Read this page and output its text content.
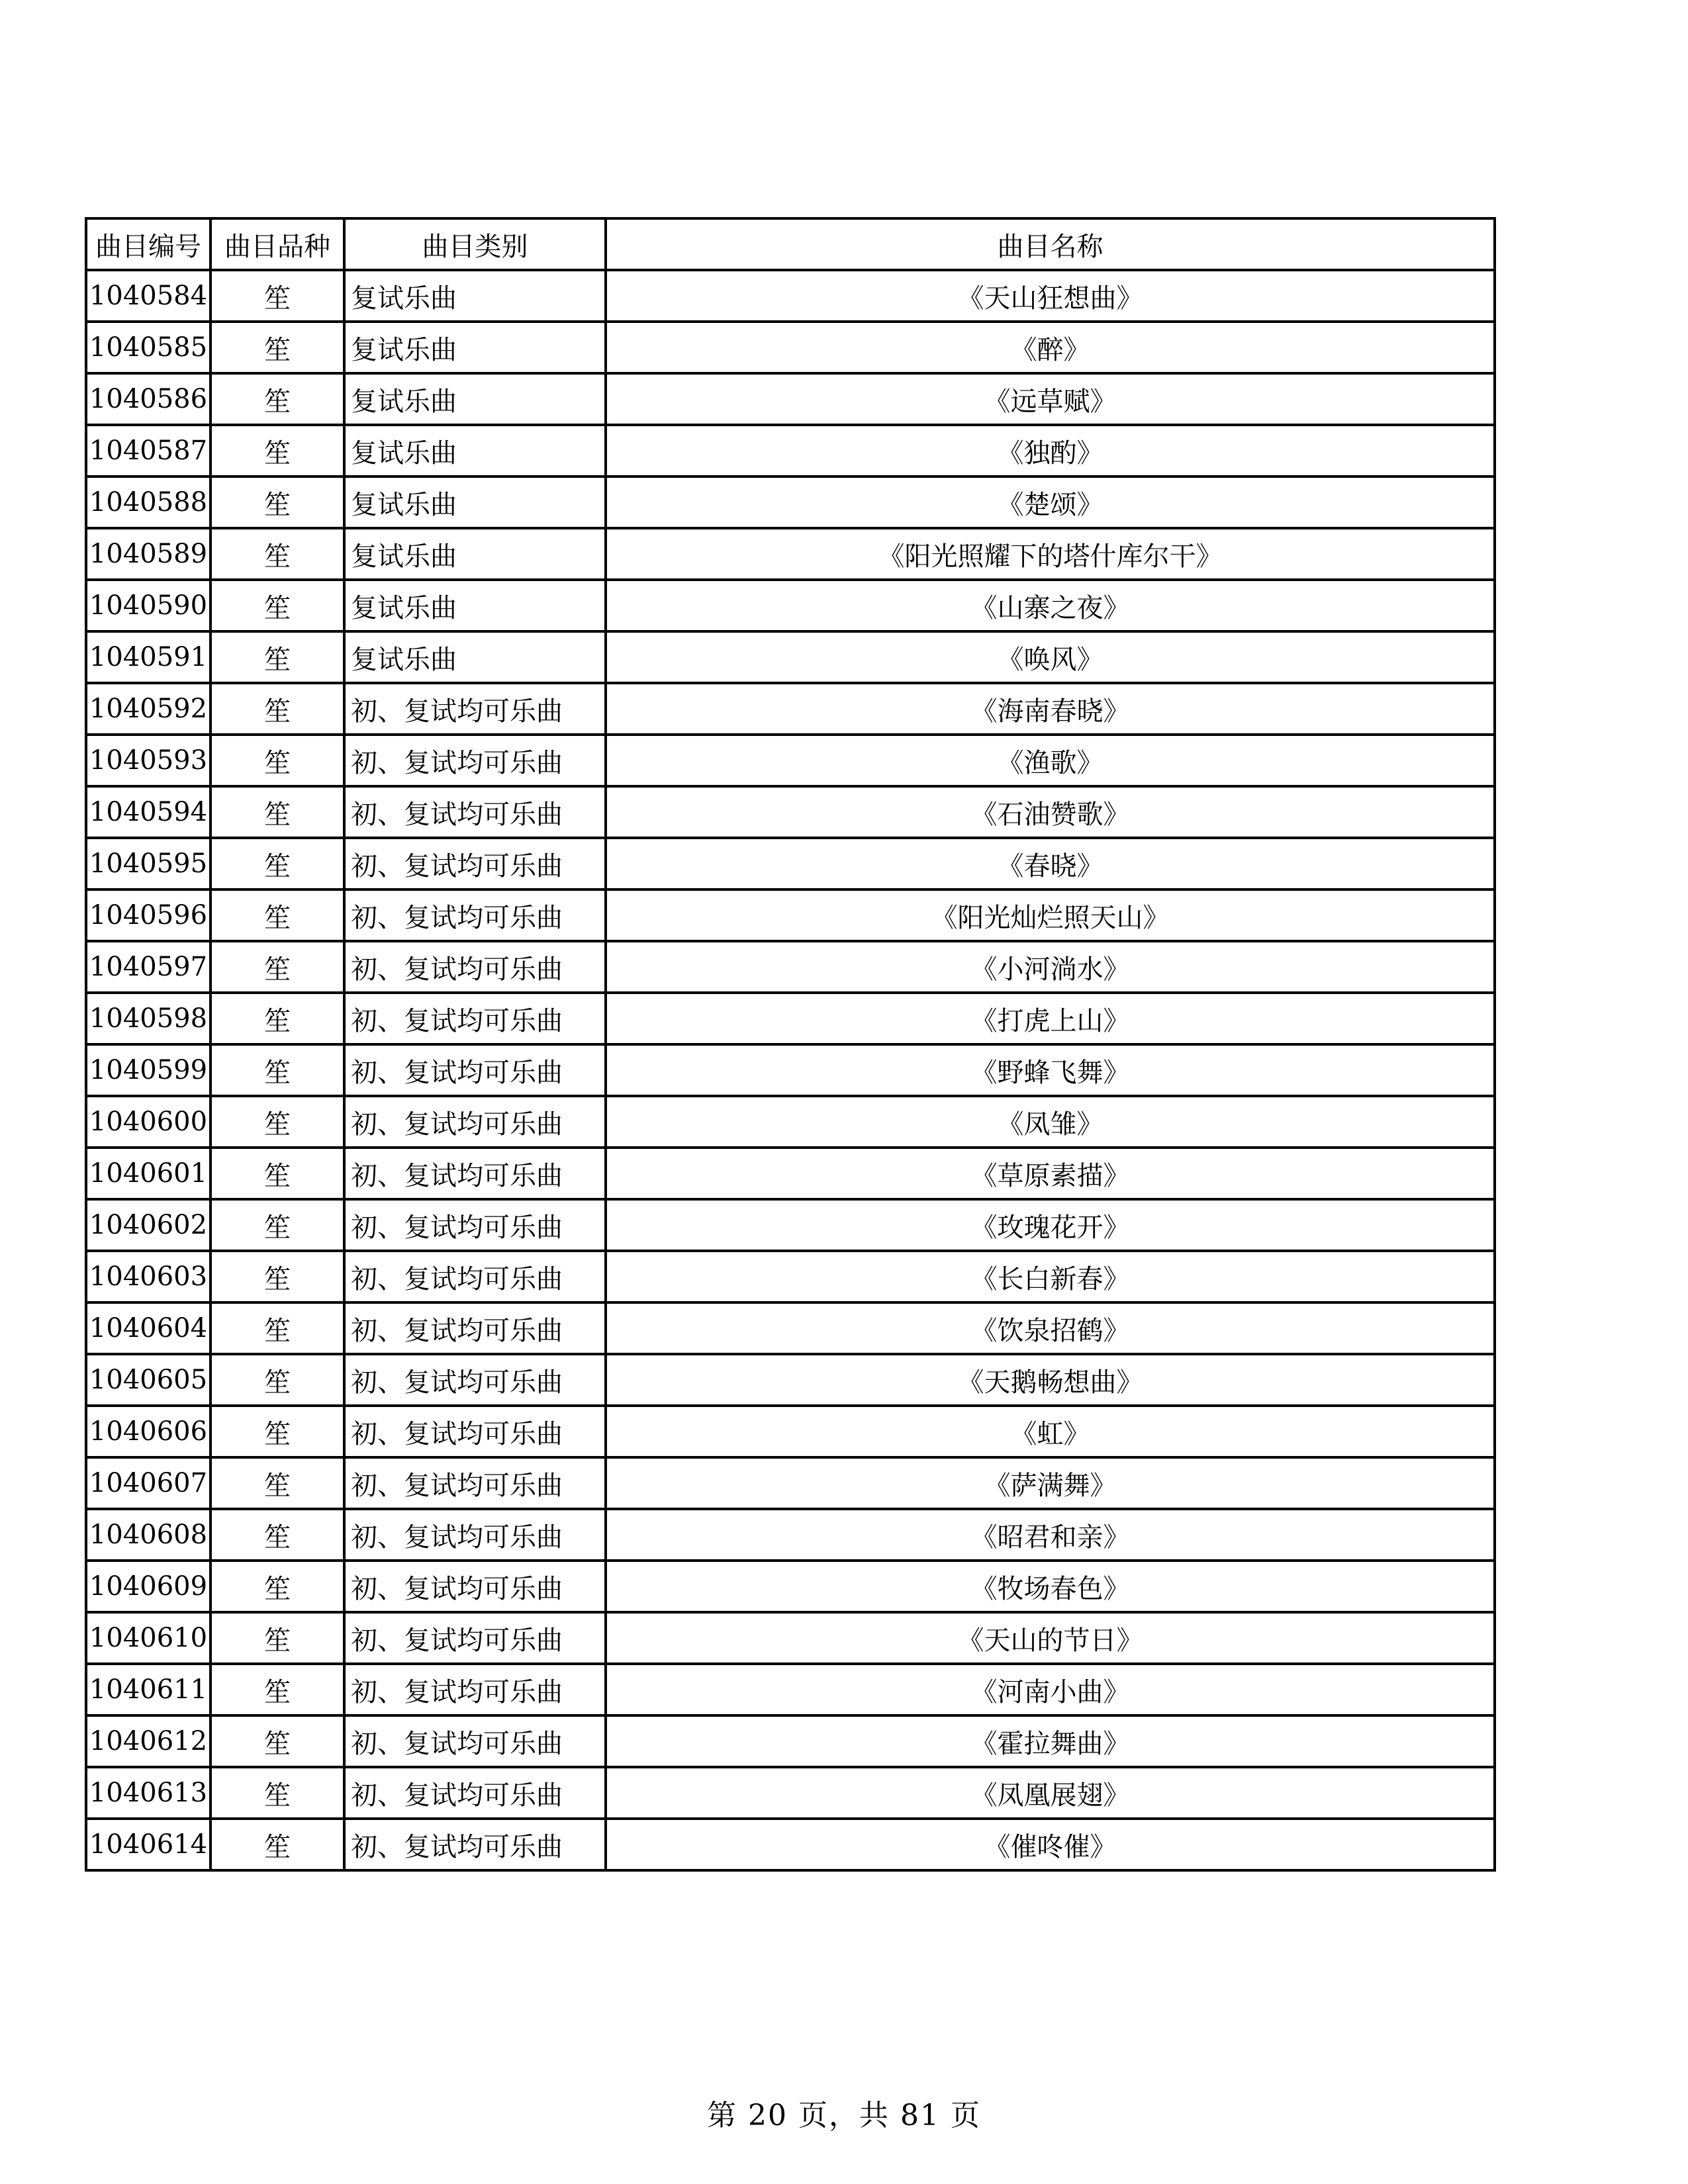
曲目编号	曲目品种	曲目类别	曲目名称
1040584	笙	复试乐曲	《天山狂想曲》
1040585	笙	复试乐曲	《醉》
1040586	笙	复试乐曲	《远草赋》
1040587	笙	复试乐曲	《独酌》
1040588	笙	复试乐曲	《楚颂》
1040589	笙	复试乐曲	《阳光照耀下的塔什库尔干》
1040590	笙	复试乐曲	《山寨之夜》
1040591	笙	复试乐曲	《唤风》
1040592	笙	初、复试均可乐曲	《海南春晓》
1040593	笙	初、复试均可乐曲	《渔歌》
1040594	笙	初、复试均可乐曲	《石油赞歌》
1040595	笙	初、复试均可乐曲	《春晓》
1040596	笙	初、复试均可乐曲	《阳光灿烂照天山》
1040597	笙	初、复试均可乐曲	《小河淌水》
1040598	笙	初、复试均可乐曲	《打虎上山》
1040599	笙	初、复试均可乐曲	《野蜂飞舞》
1040600	笙	初、复试均可乐曲	《凤雏》
1040601	笙	初、复试均可乐曲	《草原素描》
1040602	笙	初、复试均可乐曲	《玫瑰花开》
1040603	笙	初、复试均可乐曲	《长白新春》
1040604	笙	初、复试均可乐曲	《饮泉招鹤》
1040605	笙	初、复试均可乐曲	《天鹅畅想曲》
1040606	笙	初、复试均可乐曲	《虹》
1040607	笙	初、复试均可乐曲	《萨满舞》
1040608	笙	初、复试均可乐曲	《昭君和亲》
1040609	笙	初、复试均可乐曲	《牧场春色》
1040610	笙	初、复试均可乐曲	《天山的节日》
1040611	笙	初、复试均可乐曲	《河南小曲》
1040612	笙	初、复试均可乐曲	《霍拉舞曲》
1040613	笙	初、复试均可乐曲	《凤凰展翅》
1040614	笙	初、复试均可乐曲	《催咚催》
第 20 页，共 81 页
